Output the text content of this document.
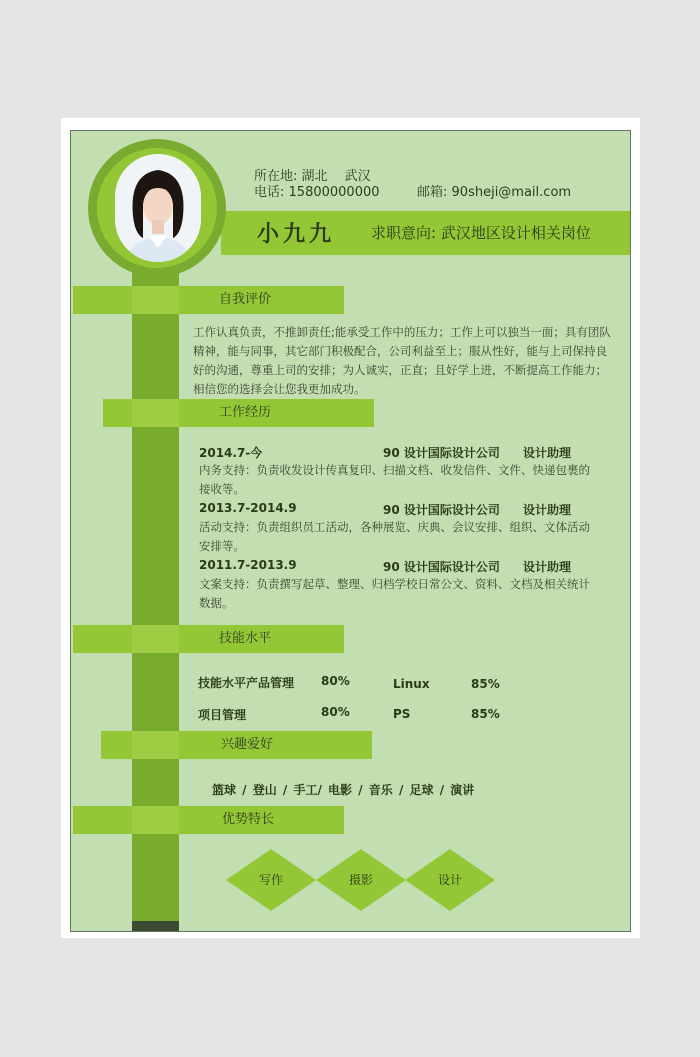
所在地: 湖北　 武汉
电话: 15800000000	邮箱: 90sheji@mail.com
小九九 求职意向: 武汉地区设计相关岗位
自我评价
工作认真负责，不推卸责任;能承受工作中的压力；工作上可以独当一面；具有团队
精神，能与同事，其它部门积极配合，公司利益至上；服从性好，能与上司保持良
好的沟通，尊重上司的安排；为人诚实，正直；且好学上进，不断提高工作能力；
相信您的选择会让您我更加成功。
工作经历
2014.7-今	90 设计国际设计公司 设计助理
内务支持：负责收发设计传真复印、扫描文档、收发信件、文件、快递包裹的
接收等。
2013.7-2014.9	90 设计国际设计公司 设计助理
活动支持：负责组织员工活动，各种展览、庆典、会议安排、组织、文体活动
安排等。
2011.7-2013.9	90 设计国际设计公司 设计助理
文案支持：负责撰写起草、整理、归档学校日常公文、资料、文档及相关统计
数据。
技能水平
技能水平产品管理 80%	Linux	85%
项目管理	80%	PS	85%
兴趣爱好
篮球 / 登山 / 手工/ 电影 / 音乐 / 足球 / 演讲
优势特长
写作	摄影	设计
